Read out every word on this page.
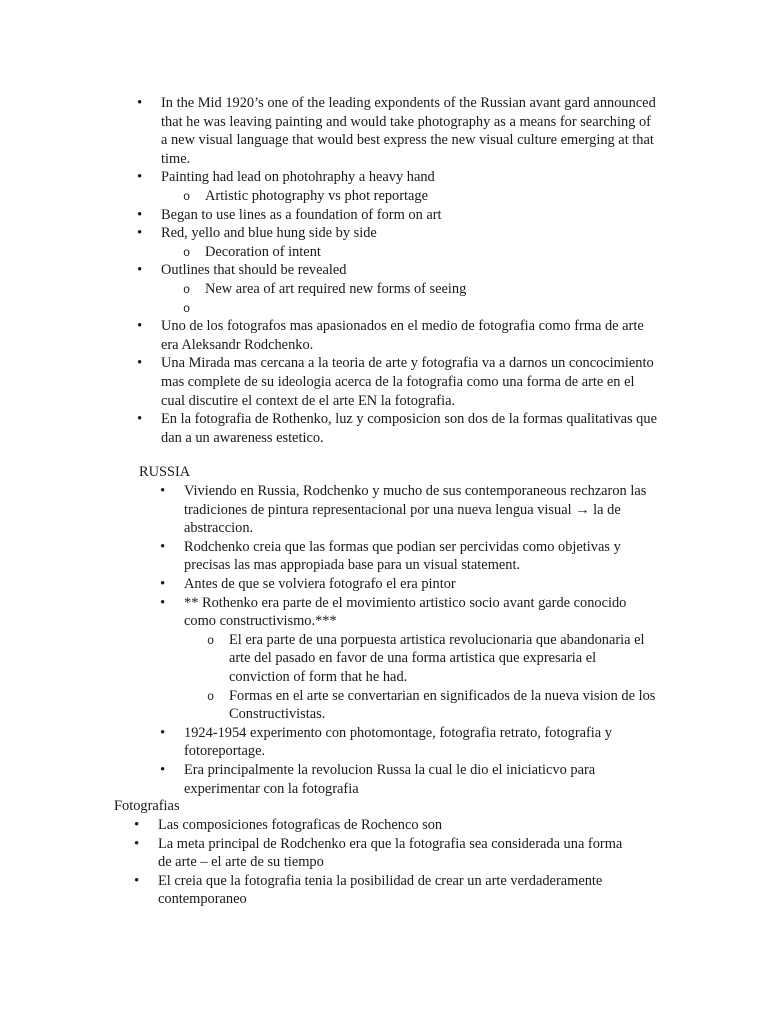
•
In the Mid 1920’s one of the leading expondents of the Russian avant gard announced that he was leaving painting and would take photography as a means for searching of a new visual language that would best express the new visual culture emerging at that time.
•
Painting had lead on photohraphy a heavy hand
o
Artistic photography vs phot reportage
•
Began to use lines as a foundation of form on art
•
Red, yello and blue hung side by side
o
Decoration of intent
•
Outlines that should be revealed
o
New area of art required new forms of seeing
o
•
Uno de los fotografos mas apasionados en el medio de fotografia como frma de arte era Aleksandr Rodchenko.
•
Una Mirada mas cercana a la teoria de arte y fotografia va a darnos un concocimiento mas complete de su ideologia acerca de la fotografia como una forma de arte en el cual discutire el context de el arte EN la fotografia.
•
En la fotografia de Rothenko, luz y composicion son dos de la formas qualitativas que dan a un awareness estetico.
RUSSIA
•
Viviendo en Russia, Rodchenko y mucho de sus contemporaneous rechzaron las tradiciones de pintura representacional por una nueva lengua visual → la de abstraccion.
•
Rodchenko creia que las formas que podian ser percividas como objetivas y precisas las mas appropiada base para un visual statement.
•
Antes de que se volviera fotografo el era pintor
•
** Rothenko era parte de el movimiento artistico socio avant garde conocido como constructivismo.***
o
El era parte de una porpuesta artistica revolucionaria que abandonaria el arte del pasado en favor de una forma artistica que expresaria el conviction of form that he had.
o
Formas en el arte se convertarian en significados de la nueva vision de los Constructivistas.
•
1924-1954 experimento con photomontage, fotografia retrato, fotografia y fotoreportage.
•
Era principalmente la revolucion Russa la cual le dio el iniciaticvo para experimentar con la fotografia
Fotografias
•
Las composiciones fotograficas de Rochenco son
•
La meta principal de Rodchenko era que la fotografia sea considerada una forma de arte – el arte de su tiempo
•
El creia que la fotografia tenia la posibilidad de crear un arte verdaderamente contemporaneo
